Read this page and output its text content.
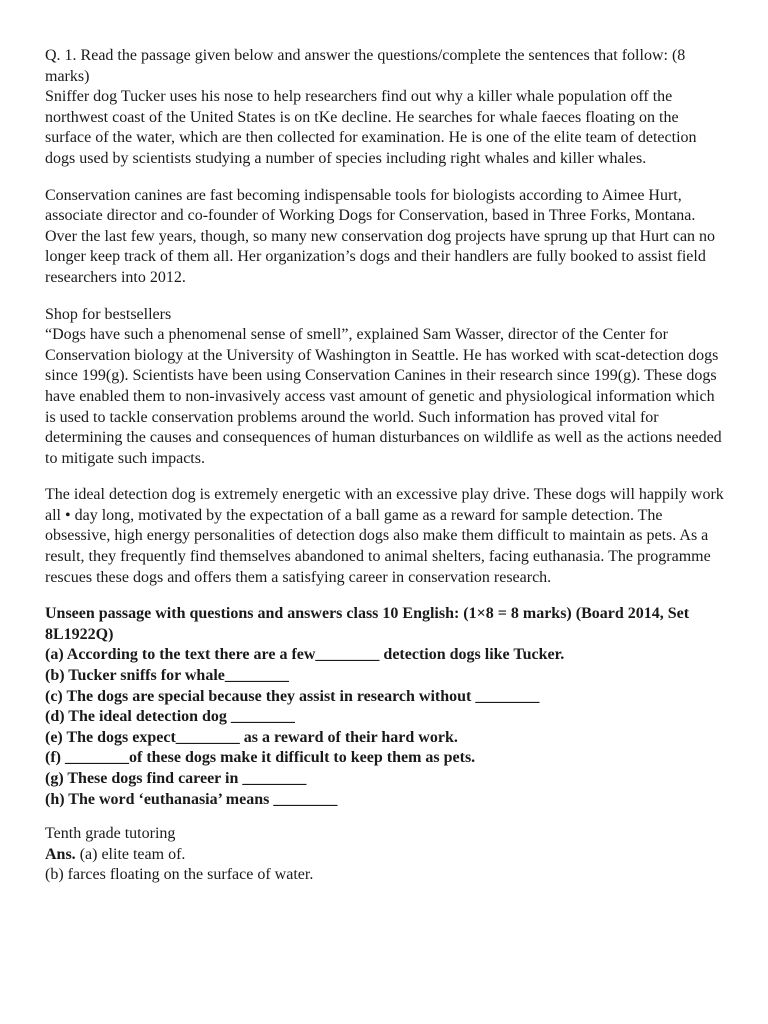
Q. 1. Read the passage given below and answer the questions/complete the sentences that follow: (8 marks)

Sniffer dog Tucker uses his nose to help researchers find out why a killer whale population off the northwest coast of the United States is on tKe decline. He searches for whale faeces floating on the surface of the water, which are then collected for examination. He is one of the elite team of detection dogs used by scientists studying a number of species including right whales and killer whales.

Conservation canines are fast becoming indispensable tools for biologists according to Aimee Hurt, associate director and co-founder of Working Dogs for Conservation, based in Three Forks, Montana.

Over the last few years, though, so many new conservation dog projects have sprung up that Hurt can no longer keep track of them all. Her organization’s dogs and their handlers are fully booked to assist field researchers into 2012.

Shop for bestsellers

“Dogs have such a phenomenal sense of smell”, explained Sam Wasser, director of the Center for Conservation biology at the University of Washington in Seattle. He has worked with scat-detection dogs since 199(g). Scientists have been using Conservation Canines in their research since 199(g). These dogs have enabled them to non-invasively access vast amount of genetic and physiological information which is used to tackle conservation problems around the world. Such information has proved vital for determining the causes and consequences of human disturbances on wildlife as well as the actions needed to mitigate such impacts.

The ideal detection dog is extremely energetic with an excessive play drive. These dogs will happily work all • day long, motivated by the expectation of a ball game as a reward for sample detection. The obsessive, high energy personalities of detection dogs also make them difficult to maintain as pets. As a result, they frequently find themselves abandoned to animal shelters, facing euthanasia. The programme rescues these dogs and offers them a satisfying career in conservation research.

Unseen passage with questions and answers class 10 English: (1×8 = 8 marks) (Board 2014, Set 8L1922Q)

(a) According to the text there are a few________ detection dogs like Tucker.

(b) Tucker sniffs for whale________

(c) The dogs are special because they assist in research without ________

(d) The ideal detection dog ________

(e) The dogs expect________ as a reward of their hard work.

(f) ________of these dogs make it difficult to keep them as pets.

(g) These dogs find career in ________

(h) The word ‘euthanasia’ means ________

Tenth grade tutoring

Ans. (a) elite team of.

(b) farces floating on the surface of water.
